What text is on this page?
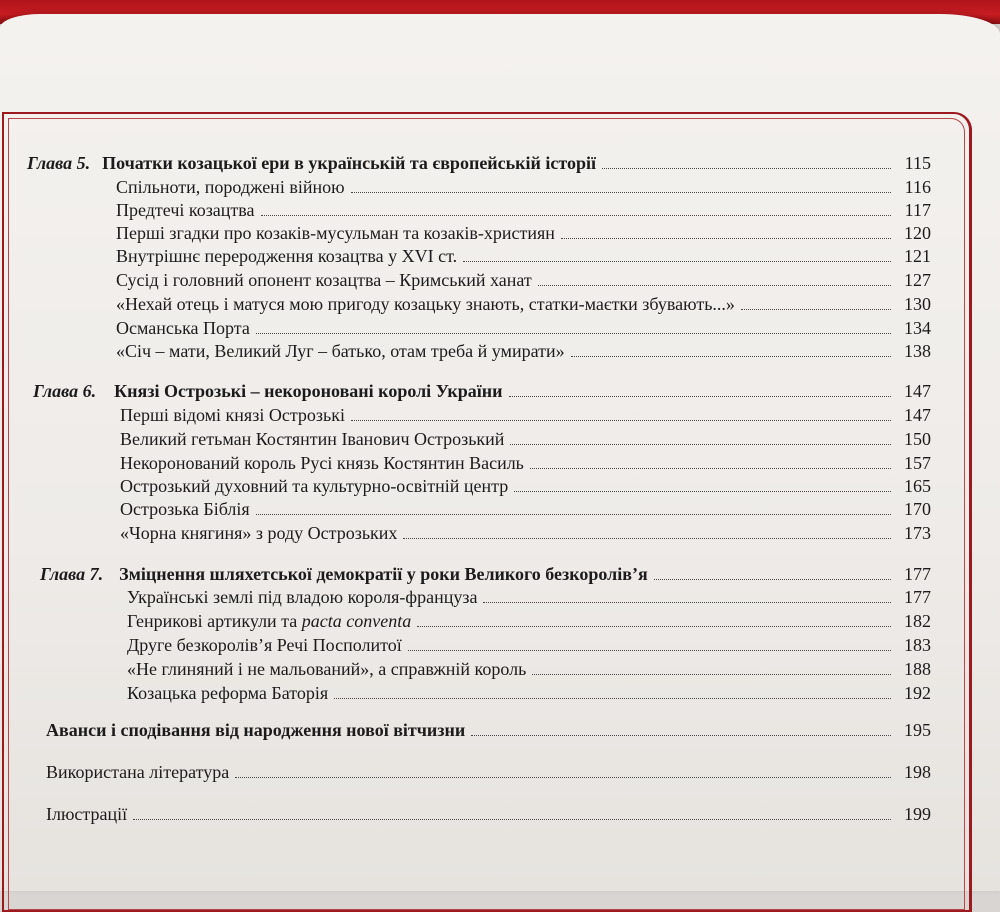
Глава 5. Початки козацької ери в українській та європейській історії	115
Спільноти, породжені війною	116
Предтечі козацтва	117
Перші згадки про козаків-мусульман та козаків-християн	120
Внутрішнє переродження козацтва у XVI ст.	121
Сусід і головний опонент козацтва – Кримський ханат	127
«Нехай отець і матуся мою пригоду козацьку знають, статки-маєтки збувають...»	130
Османська Порта	134
«Січ – мати, Великий Луг – батько, отам треба й умирати»	138
Глава 6. Князі Острозькі – некороновані королі України	147
Перші відомі князі Острозькі	147
Великий гетьман Костянтин Іванович Острозький	150
Некоронований король Русі князь Костянтин Василь	157
Острозький духовний та культурно-освітній центр	165
Острозька Біблія	170
«Чорна княгиня» з роду Острозьких	173
Глава 7. Зміцнення шляхетської демократії у роки Великого безкоролів’я	177
Українські землі під владою короля-француза	177
Генрикові артикули та pacta conventa	182
Друге безкоролів’я Речі Посполитої	183
«Не глиняний і не мальований», а справжній король	188
Козацька реформа Баторія	192
Аванси і сподівання від народження нової вітчизни	195
Використана література	198
Ілюстрації	199
